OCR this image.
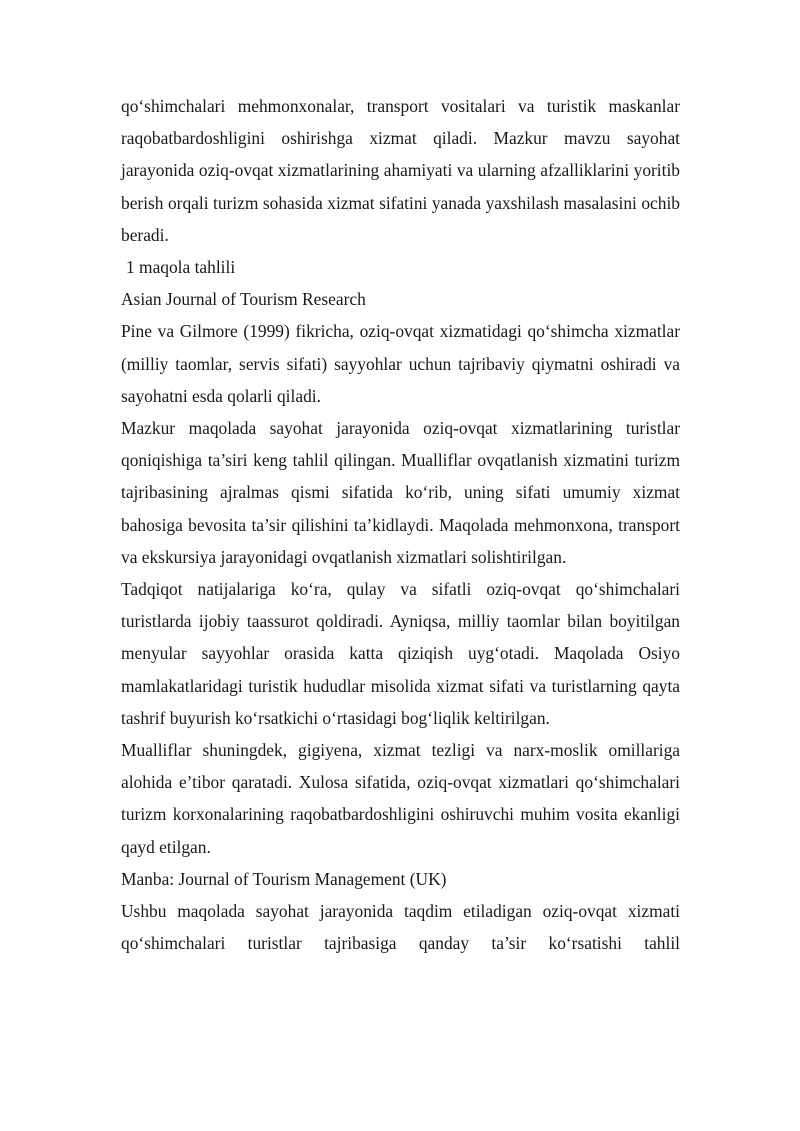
qo‘shimchalari mehmonxonalar, transport vositalari va turistik maskanlar raqobatbardoshligini oshirishga xizmat qiladi. Mazkur mavzu sayohat jarayonida oziq-ovqat xizmatlarining ahamiyati va ularning afzalliklarini yoritib berish orqali turizm sohasida xizmat sifatini yanada yaxshilash masalasini ochib beradi.

1 maqola tahlili

Asian Journal of Tourism Research

Pine va Gilmore (1999) fikricha, oziq-ovqat xizmatidagi qo‘shimcha xizmatlar (milliy taomlar, servis sifati) sayyohlar uchun tajribaviy qiymatni oshiradi va sayohatni esda qolarli qiladi.

Mazkur maqolada sayohat jarayonida oziq-ovqat xizmatlarining turistlar qoniqishiga ta’siri keng tahlil qilingan. Mualliflar ovqatlanish xizmatini turizm tajribasining ajralmas qismi sifatida ko‘rib, uning sifati umumiy xizmat bahosiga bevosita ta’sir qilishini ta’kidlaydi. Maqolada mehmonxona, transport va ekskursiya jarayonidagi ovqatlanish xizmatlari solishtirilgan.

Tadqiqot natijalariga ko‘ra, qulay va sifatli oziq-ovqat qo‘shimchalari turistlarda ijobiy taassurot qoldiradi. Ayniqsa, milliy taomlar bilan boyitilgan menyular sayyohlar orasida katta qiziqish uyg‘otadi. Maqolada Osiyo mamlakatlaridagi turistik hududlar misolida xizmat sifati va turistlarning qayta tashrif buyurish ko‘rsatkichi o‘rtasidagi bog‘liqlik keltirilgan.

Mualliflar shuningdek, gigiyena, xizmat tezligi va narx-moslik omillariga alohida e’tibor qaratadi. Xulosa sifatida, oziq-ovqat xizmatlari qo‘shimchalari turizm korxonalarining raqobatbardoshligini oshiruvchi muhim vosita ekanligi qayd etilgan.

Manba: Journal of Tourism Management (UK)

Ushbu maqolada sayohat jarayonida taqdim etiladigan oziq-ovqat xizmati qo‘shimchalari turistlar tajribasiga qanday ta’sir ko‘rsatishi tahlil
